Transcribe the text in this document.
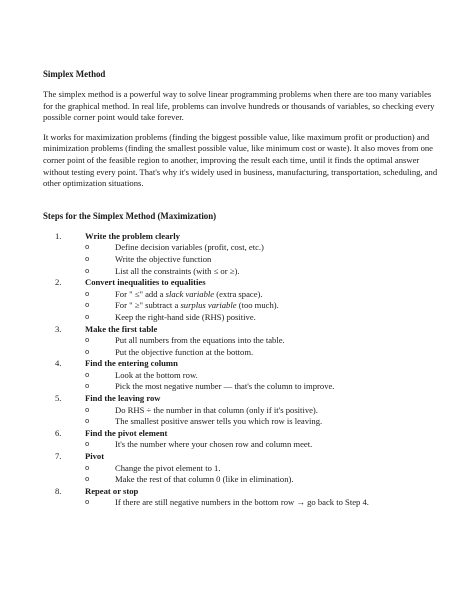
Simplex Method

The simplex method is a powerful way to solve linear programming problems when there are too many variables for the graphical method. In real life, problems can involve hundreds or thousands of variables, so checking every possible corner point would take forever.

It works for maximization problems (finding the biggest possible value, like maximum profit or production) and minimization problems (finding the smallest possible value, like minimum cost or waste). It also moves from one corner point of the feasible region to another, improving the result each time, until it finds the optimal answer without testing every point. That's why it's widely used in business, manufacturing, transportation, scheduling, and other optimization situations.

Steps for the Simplex Method (Maximization)
1.	Write the problem clearly
o	Define decision variables (profit, cost, etc.)
o	Write the objective function
o	List all the constraints (with ≤ or ≥).
2.	Convert inequalities to equalities
o	For " ≤" add a slack variable (extra space).
o	For " ≥" subtract a surplus variable (too much).
o	Keep the right-hand side (RHS) positive.
3.	Make the first table
o	Put all numbers from the equations into the table.
o	Put the objective function at the bottom.
4.	Find the entering column
o	Look at the bottom row.
o	Pick the most negative number — that's the column to improve.
5.	Find the leaving row
o	Do RHS ÷ the number in that column (only if it's positive).
o	The smallest positive answer tells you which row is leaving.
6.	Find the pivot element
o	It's the number where your chosen row and column meet.
7.	Pivot
o	Change the pivot element to 1.
o	Make the rest of that column 0 (like in elimination).
8.	Repeat or stop
o	If there are still negative numbers in the bottom row → go back to Step 4.
